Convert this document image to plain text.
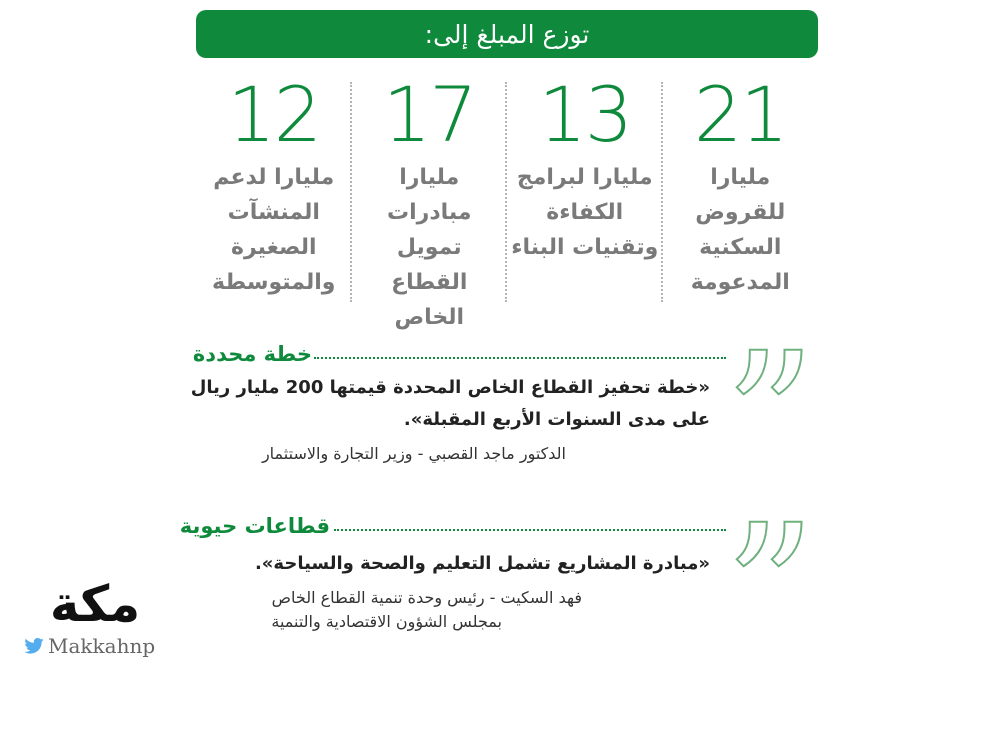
توزع المبلغ إلى:
21
مليارا للقروض السكنية المدعومة
13
مليارا لبرامج الكفاءة وتقنيات البناء
17
مليارا مبادرات تمويل القطاع الخاص
12
مليارا لدعم المنشآت الصغيرة والمتوسطة
”
خطة محددة
«خطة تحفيز القطاع الخاص المحددة قيمتها 200 مليار ريال
على مدى السنوات الأربع المقبلة».
الدكتور ماجد القصبي - وزير التجارة والاستثمار
”
قطاعات حيوية
«مبادرة المشاريع تشمل التعليم والصحة والسياحة».
فهد السكيت - رئيس وحدة تنمية القطاع الخاص
بمجلس الشؤون الاقتصادية والتنمية
مكة
Makkahnp
